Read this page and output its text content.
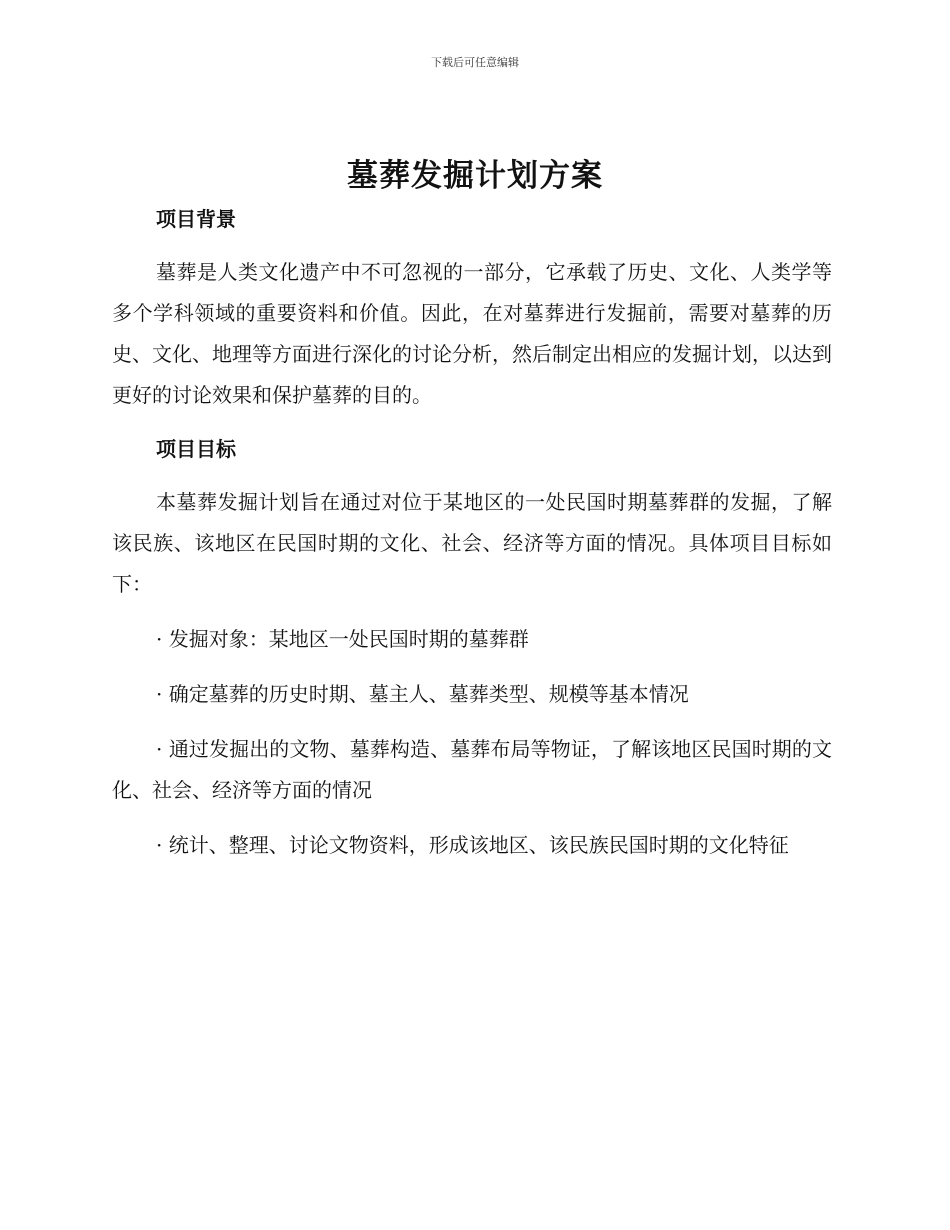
下载后可任意编辑
墓葬发掘计划方案
项目背景

墓葬是人类文化遗产中不可忽视的一部分，它承载了历史、文化、人类学等多个学科领域的重要资料和价值。因此，在对墓葬进行发掘前，需要对墓葬的历史、文化、地理等方面进行深化的讨论分析，然后制定出相应的发掘计划，以达到更好的讨论效果和保护墓葬的目的。

项目目标

本墓葬发掘计划旨在通过对位于某地区的一处民国时期墓葬群的发掘，了解该民族、该地区在民国时期的文化、社会、经济等方面的情况。具体项目目标如下：

· 发掘对象：某地区一处民国时期的墓葬群

· 确定墓葬的历史时期、墓主人、墓葬类型、规模等基本情况

· 通过发掘出的文物、墓葬构造、墓葬布局等物证，了解该地区民国时期的文化、社会、经济等方面的情况

· 统计、整理、讨论文物资料，形成该地区、该民族民国时期的文化特征
